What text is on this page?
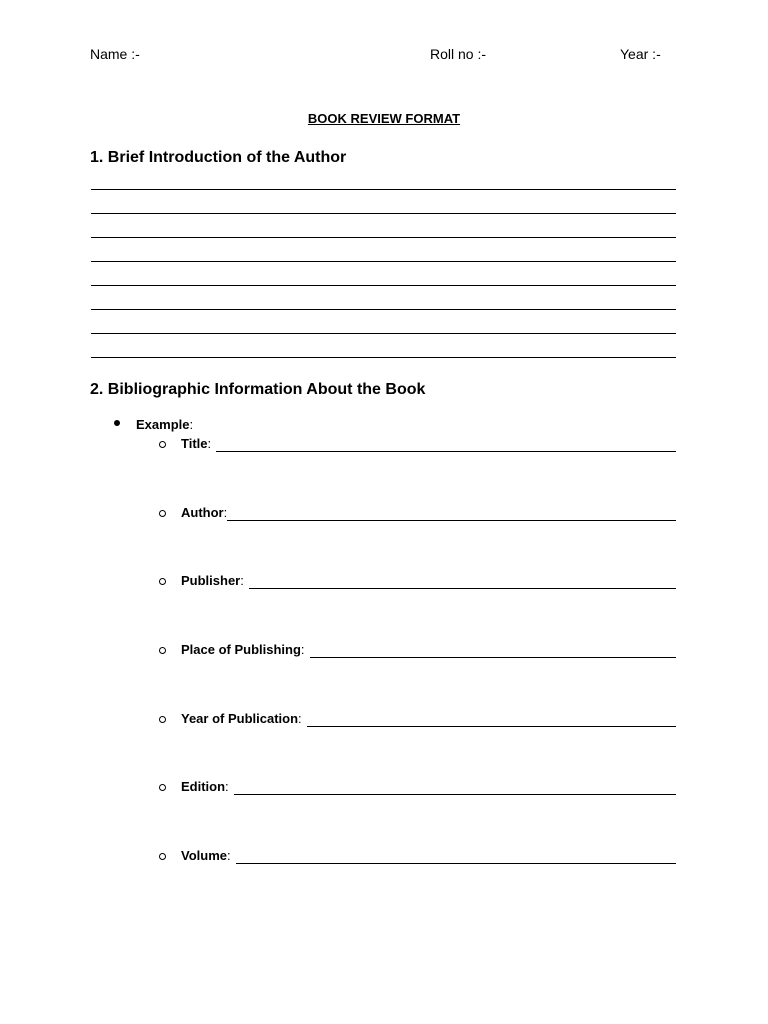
Name :-	Roll no :-	Year :-
BOOK REVIEW FORMAT
1. Brief Introduction of the Author
2. Bibliographic Information About the Book
Example:
Title:
Author:
Publisher:
Place of Publishing:
Year of Publication:
Edition:
Volume:
